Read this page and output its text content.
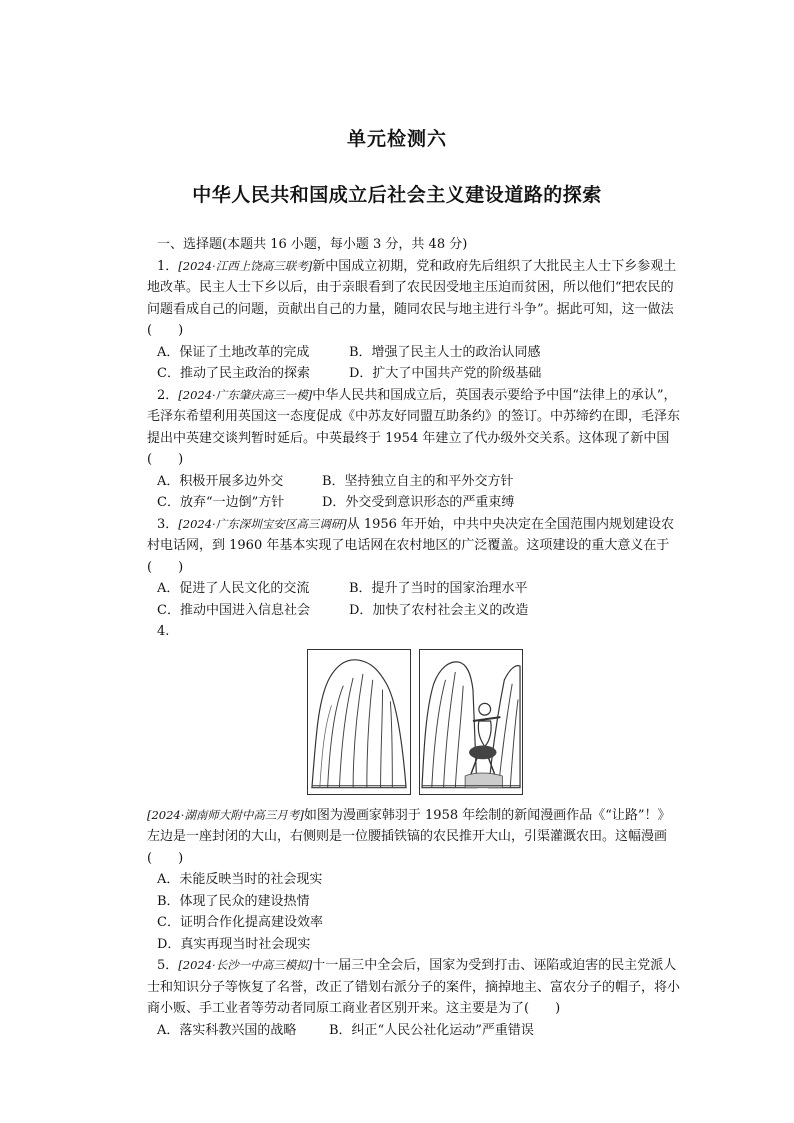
单元检测六
中华人民共和国成立后社会主义建设道路的探索

一、选择题(本题共 16 小题，每小题 3 分，共 48 分)

1．[2024·江西上饶高三联考]新中国成立初期，党和政府先后组织了大批民主人士下乡参观土地改革。民主人士下乡以后，由于亲眼看到了农民因受地主压迫而贫困，所以他们“把农民的问题看成自己的问题，贡献出自己的力量，随同农民与地主进行斗争”。据此可知，这一做法(　　)

A．保证了土地改革的完成	B．增强了民主人士的政治认同感
C．推动了民主政治的探索	D．扩大了中国共产党的阶级基础

2．[2024·广东肇庆高三一模]中华人民共和国成立后，英国表示要给予中国“法律上的承认”，毛泽东希望利用英国这一态度促成《中苏友好同盟互助条约》的签订。中苏缔约在即，毛泽东提出中英建交谈判暂时延后。中英最终于 1954 年建立了代办级外交关系。这体现了新中国(　　)

A．积极开展多边外交	B．坚持独立自主的和平外交方针
C．放弃“一边倒”方针	D．外交受到意识形态的严重束缚

3．[2024·广东深圳宝安区高三调研]从 1956 年开始，中共中央决定在全国范围内规划建设农村电话网，到 1960 年基本实现了电话网在农村地区的广泛覆盖。这项建设的重大意义在于(　　)

A．促进了人民文化的交流	B．提升了当时的国家治理水平
C．推动中国进入信息社会	D．加快了农村社会主义的改造

4.

[2024·湖南师大附中高三月考]如图为漫画家韩羽于 1958 年绘制的新闻漫画作品《“让路”！》左边是一座封闭的大山，右侧则是一位腰插铁镐的农民推开大山，引渠灌溉农田。这幅漫画(　　)

A．未能反映当时的社会现实
B．体现了民众的建设热情
C．证明合作化提高建设效率
D．真实再现当时社会现实

5．[2024·长沙一中高三模拟]十一届三中全会后，国家为受到打击、诬陷或迫害的民主党派人士和知识分子等恢复了名誉，改正了错划右派分子的案件，摘掉地主、富农分子的帽子，将小商小贩、手工业者等劳动者同原工商业者区别开来。这主要是为了(　　)

A．落实科教兴国的战略	B．纠正“人民公社化运动”严重错误
